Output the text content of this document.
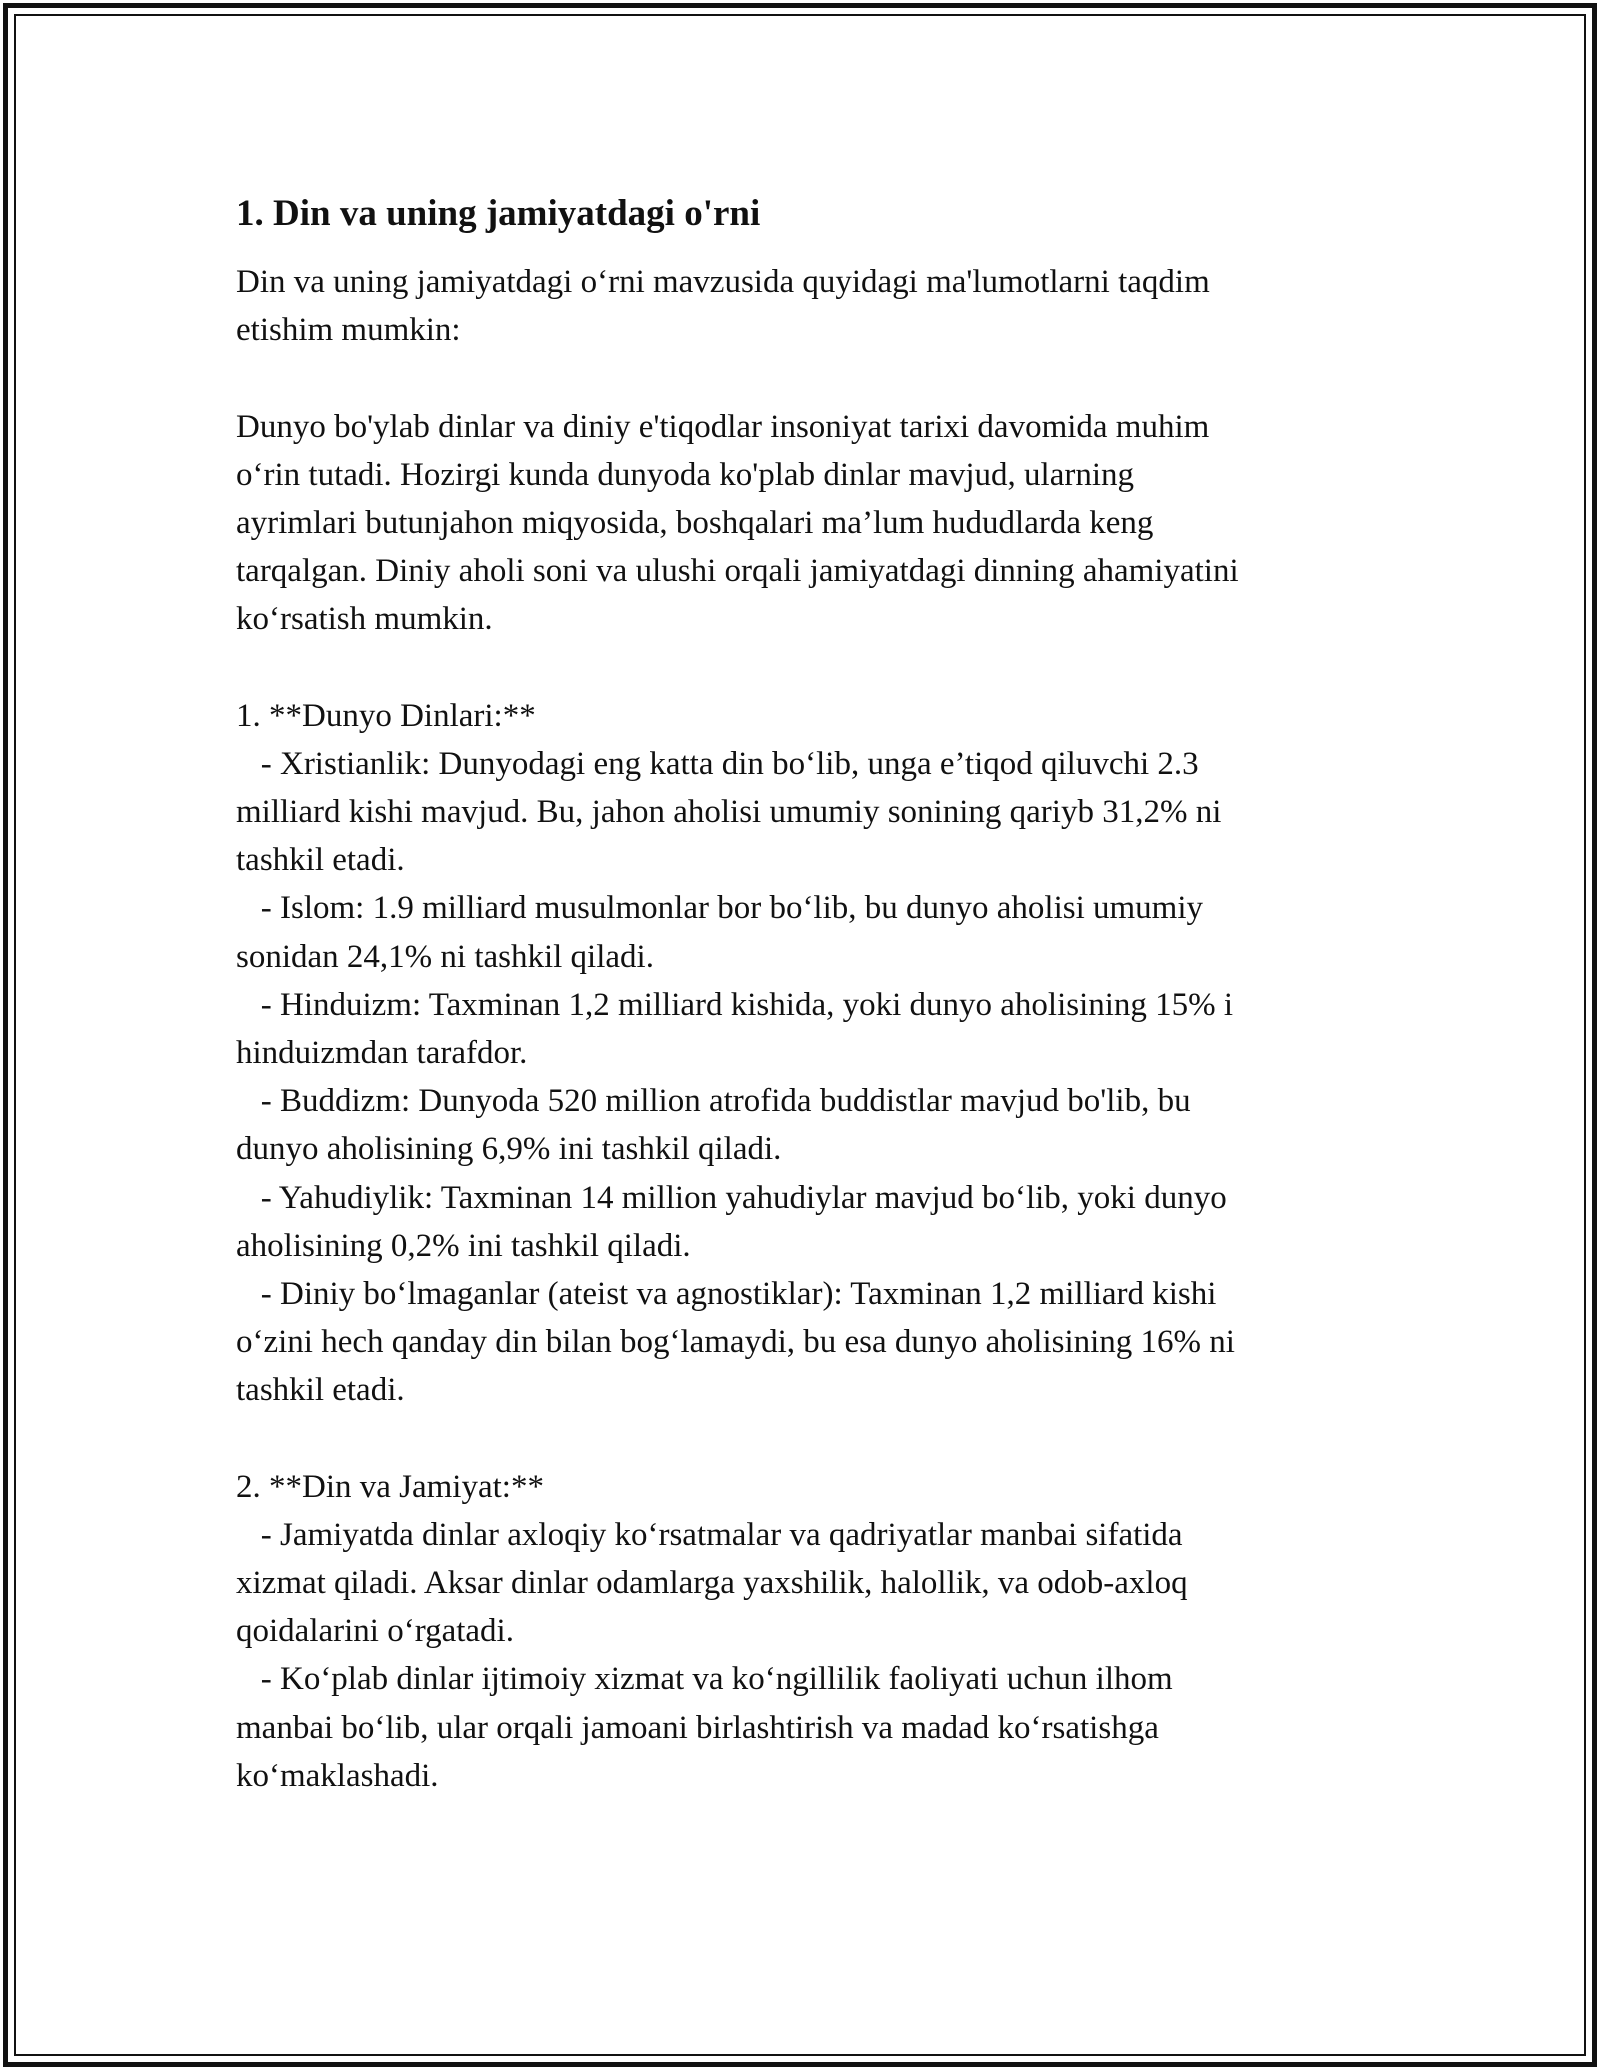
1. Din va uning jamiyatdagi o'rni
Din va uning jamiyatdagi o‘rni mavzusida quyidagi ma'lumotlarni taqdim
etishim mumkin:
Dunyo bo'ylab dinlar va diniy e'tiqodlar insoniyat tarixi davomida muhim
o‘rin tutadi. Hozirgi kunda dunyoda ko'plab dinlar mavjud, ularning
ayrimlari butunjahon miqyosida, boshqalari ma’lum hududlarda keng
tarqalgan. Diniy aholi soni va ulushi orqali jamiyatdagi dinning ahamiyatini
ko‘rsatish mumkin.
1. **Dunyo Dinlari:**
- Xristianlik: Dunyodagi eng katta din bo‘lib, unga e’tiqod qiluvchi 2.3
milliard kishi mavjud. Bu, jahon aholisi umumiy sonining qariyb 31,2% ni
tashkil etadi.
- Islom: 1.9 milliard musulmonlar bor bo‘lib, bu dunyo aholisi umumiy
sonidan 24,1% ni tashkil qiladi.
- Hinduizm: Taxminan 1,2 milliard kishida, yoki dunyo aholisining 15% i
hinduizmdan tarafdor.
- Buddizm: Dunyoda 520 million atrofida buddistlar mavjud bo'lib, bu
dunyo aholisining 6,9% ini tashkil qiladi.
- Yahudiylik: Taxminan 14 million yahudiylar mavjud bo‘lib, yoki dunyo
aholisining 0,2% ini tashkil qiladi.
- Diniy bo‘lmaganlar (ateist va agnostiklar): Taxminan 1,2 milliard kishi
o‘zini hech qanday din bilan bog‘lamaydi, bu esa dunyo aholisining 16% ni
tashkil etadi.
2. **Din va Jamiyat:**
- Jamiyatda dinlar axloqiy ko‘rsatmalar va qadriyatlar manbai sifatida
xizmat qiladi. Aksar dinlar odamlarga yaxshilik, halollik, va odob-axloq
qoidalarini o‘rgatadi.
- Ko‘plab dinlar ijtimoiy xizmat va ko‘ngillilik faoliyati uchun ilhom
manbai bo‘lib, ular orqali jamoani birlashtirish va madad ko‘rsatishga
ko‘maklashadi.
